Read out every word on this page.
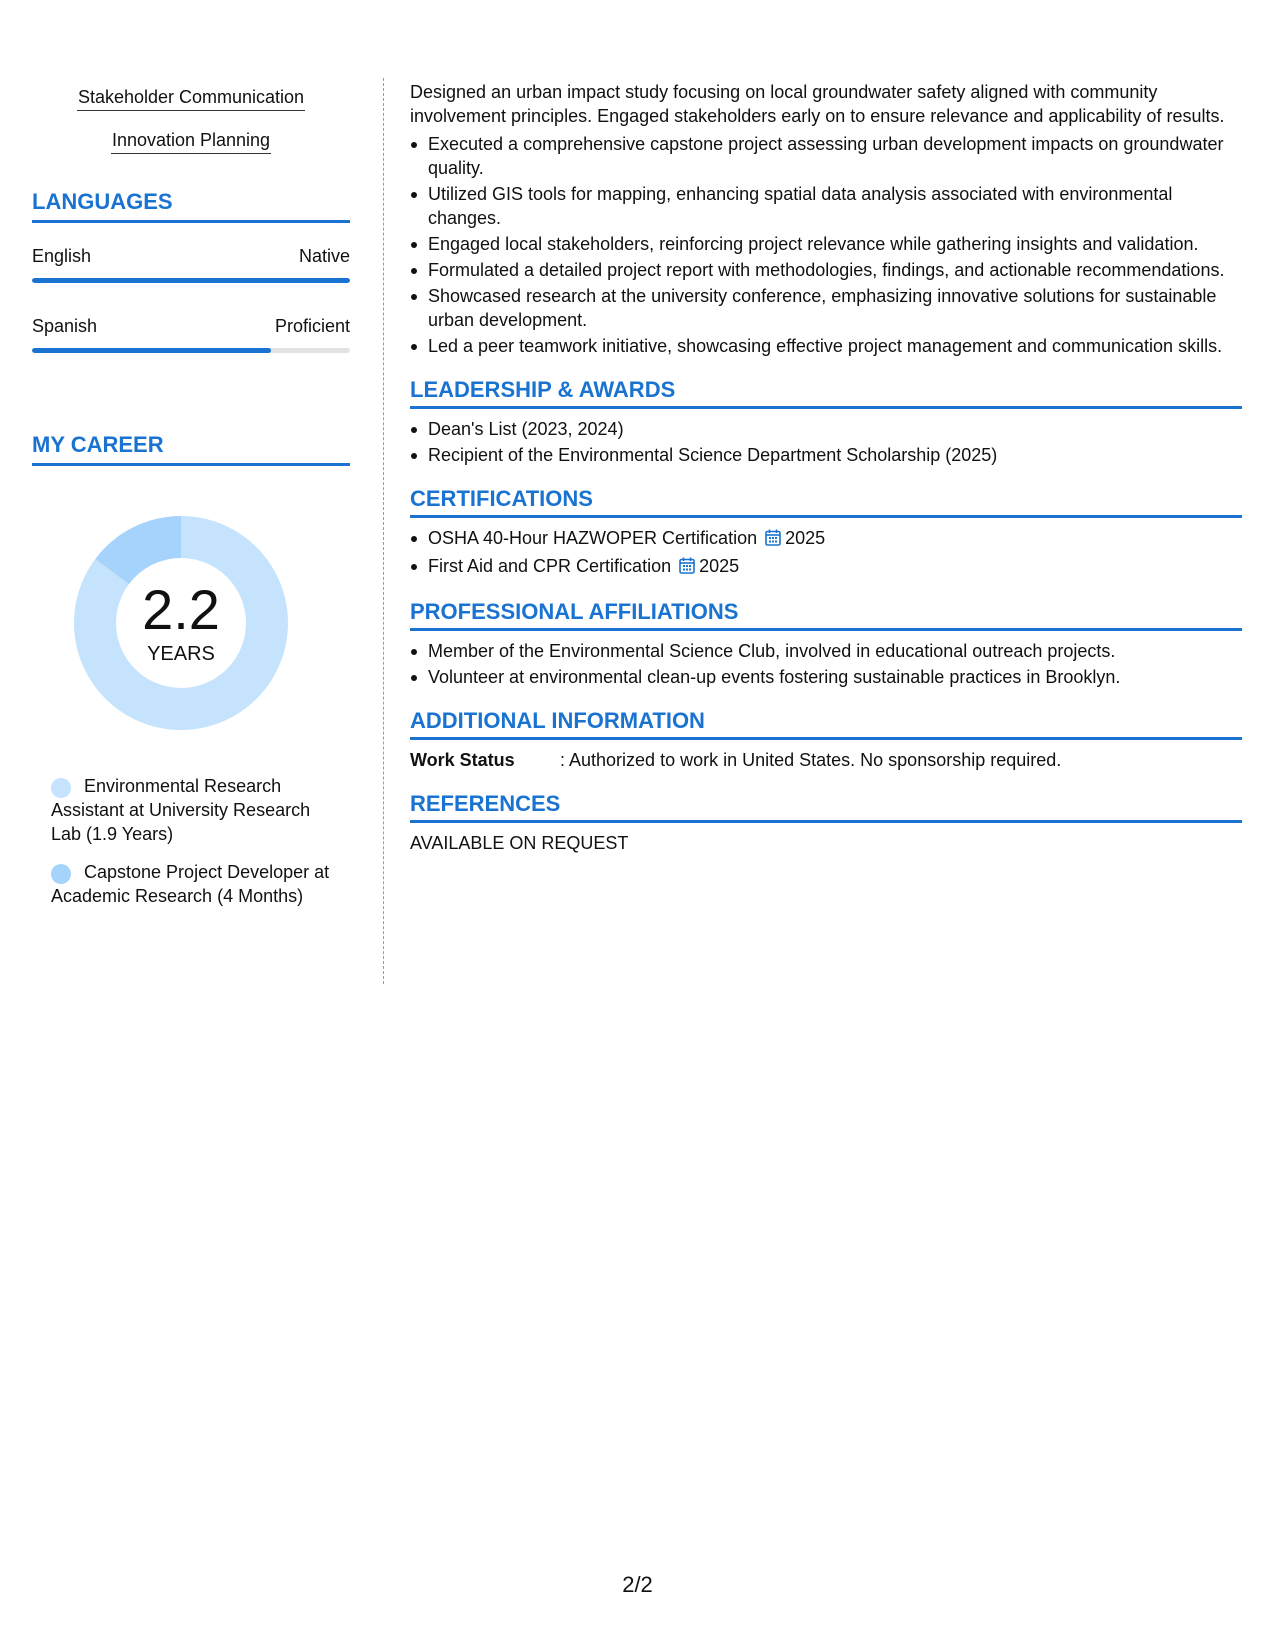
Stakeholder Communication
Innovation Planning
LANGUAGES
English	Native
Spanish	Proficient
MY CAREER
2.2
YEARS
Environmental Research Assistant at University Research Lab (1.9 Years)
Capstone Project Developer at Academic Research (4 Months)
Designed an urban impact study focusing on local groundwater safety aligned with community involvement principles. Engaged stakeholders early on to ensure relevance and applicability of results.
Executed a comprehensive capstone project assessing urban development impacts on groundwater quality.
Utilized GIS tools for mapping, enhancing spatial data analysis associated with environmental changes.
Engaged local stakeholders, reinforcing project relevance while gathering insights and validation.
Formulated a detailed project report with methodologies, findings, and actionable recommendations.
Showcased research at the university conference, emphasizing innovative solutions for sustainable urban development.
Led a peer teamwork initiative, showcasing effective project management and communication skills.
LEADERSHIP & AWARDS
Dean's List (2023, 2024)
Recipient of the Environmental Science Department Scholarship (2025)
CERTIFICATIONS
OSHA 40-Hour HAZWOPER Certification 2025
First Aid and CPR Certification 2025
PROFESSIONAL AFFILIATIONS
Member of the Environmental Science Club, involved in educational outreach projects.
Volunteer at environmental clean-up events fostering sustainable practices in Brooklyn.
ADDITIONAL INFORMATION
Work Status	: Authorized to work in United States. No sponsorship required.
REFERENCES
AVAILABLE ON REQUEST
2/2
